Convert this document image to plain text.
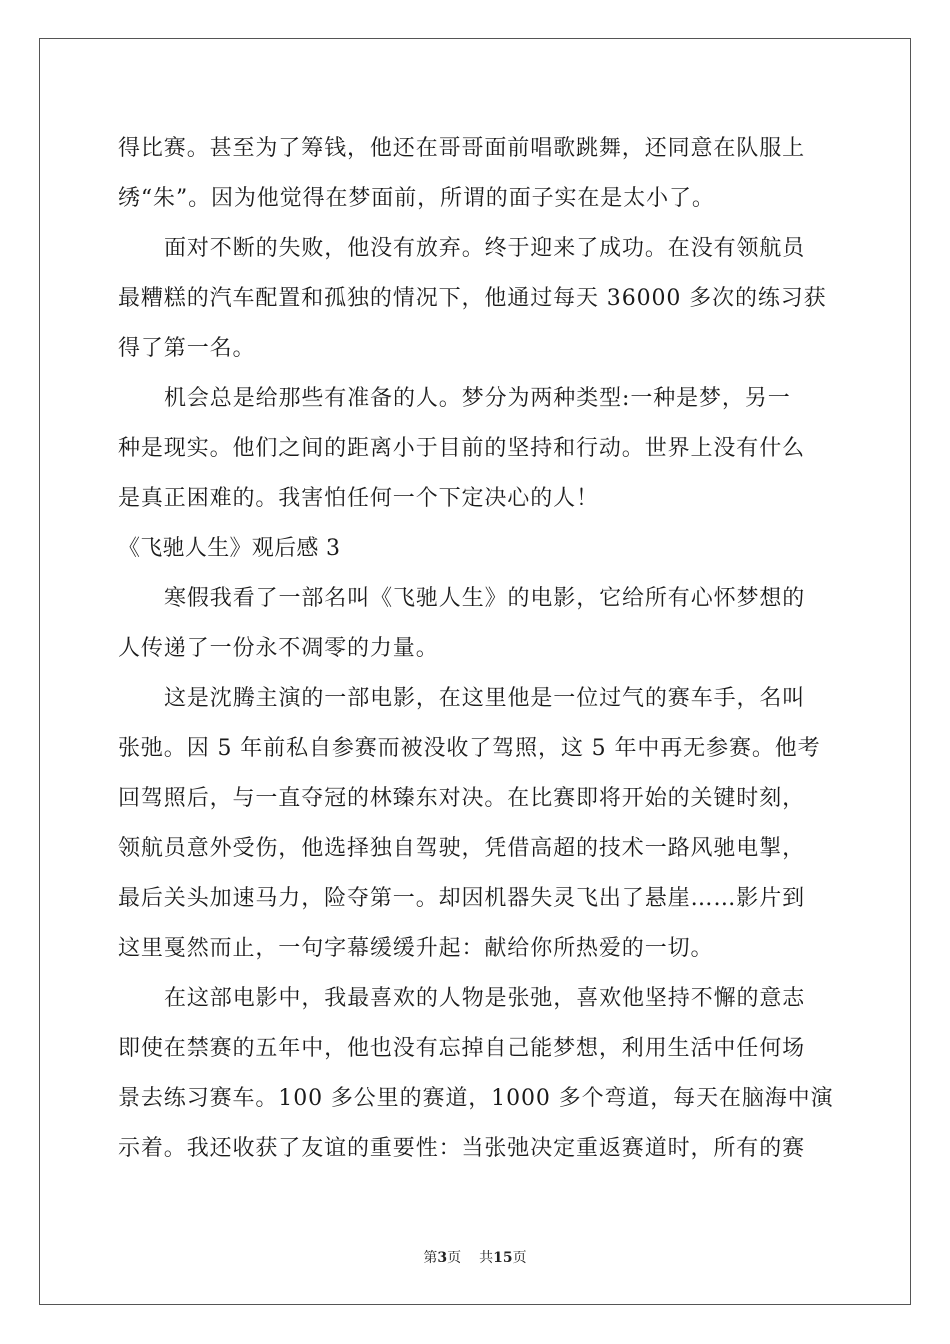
得比赛。甚至为了筹钱，他还在哥哥面前唱歌跳舞，还同意在队服上

绣“朱”。因为他觉得在梦面前，所谓的面子实在是太小了。

面对不断的失败，他没有放弃。终于迎来了成功。在没有领航员

最糟糕的汽车配置和孤独的情况下，他通过每天 36000 多次的练习获

得了第一名。

机会总是给那些有准备的人。梦分为两种类型:一种是梦，另一

种是现实。他们之间的距离小于目前的坚持和行动。世界上没有什么

是真正困难的。我害怕任何一个下定决心的人！

《飞驰人生》观后感 3

寒假我看了一部名叫《飞驰人生》的电影，它给所有心怀梦想的

人传递了一份永不凋零的力量。

这是沈腾主演的一部电影，在这里他是一位过气的赛车手，名叫

张弛。因 5 年前私自参赛而被没收了驾照，这 5 年中再无参赛。他考

回驾照后，与一直夺冠的林臻东对决。在比赛即将开始的关键时刻，

领航员意外受伤，他选择独自驾驶，凭借高超的技术一路风驰电掣，

最后关头加速马力，险夺第一。却因机器失灵飞出了悬崖……影片到

这里戛然而止，一句字幕缓缓升起：献给你所热爱的一切。

在这部电影中，我最喜欢的人物是张弛，喜欢他坚持不懈的意志

即使在禁赛的五年中，他也没有忘掉自己能梦想，利用生活中任何场

景去练习赛车。100 多公里的赛道，1000 多个弯道，每天在脑海中演

示着。我还收获了友谊的重要性：当张弛决定重返赛道时，所有的赛

第3页 共15页
